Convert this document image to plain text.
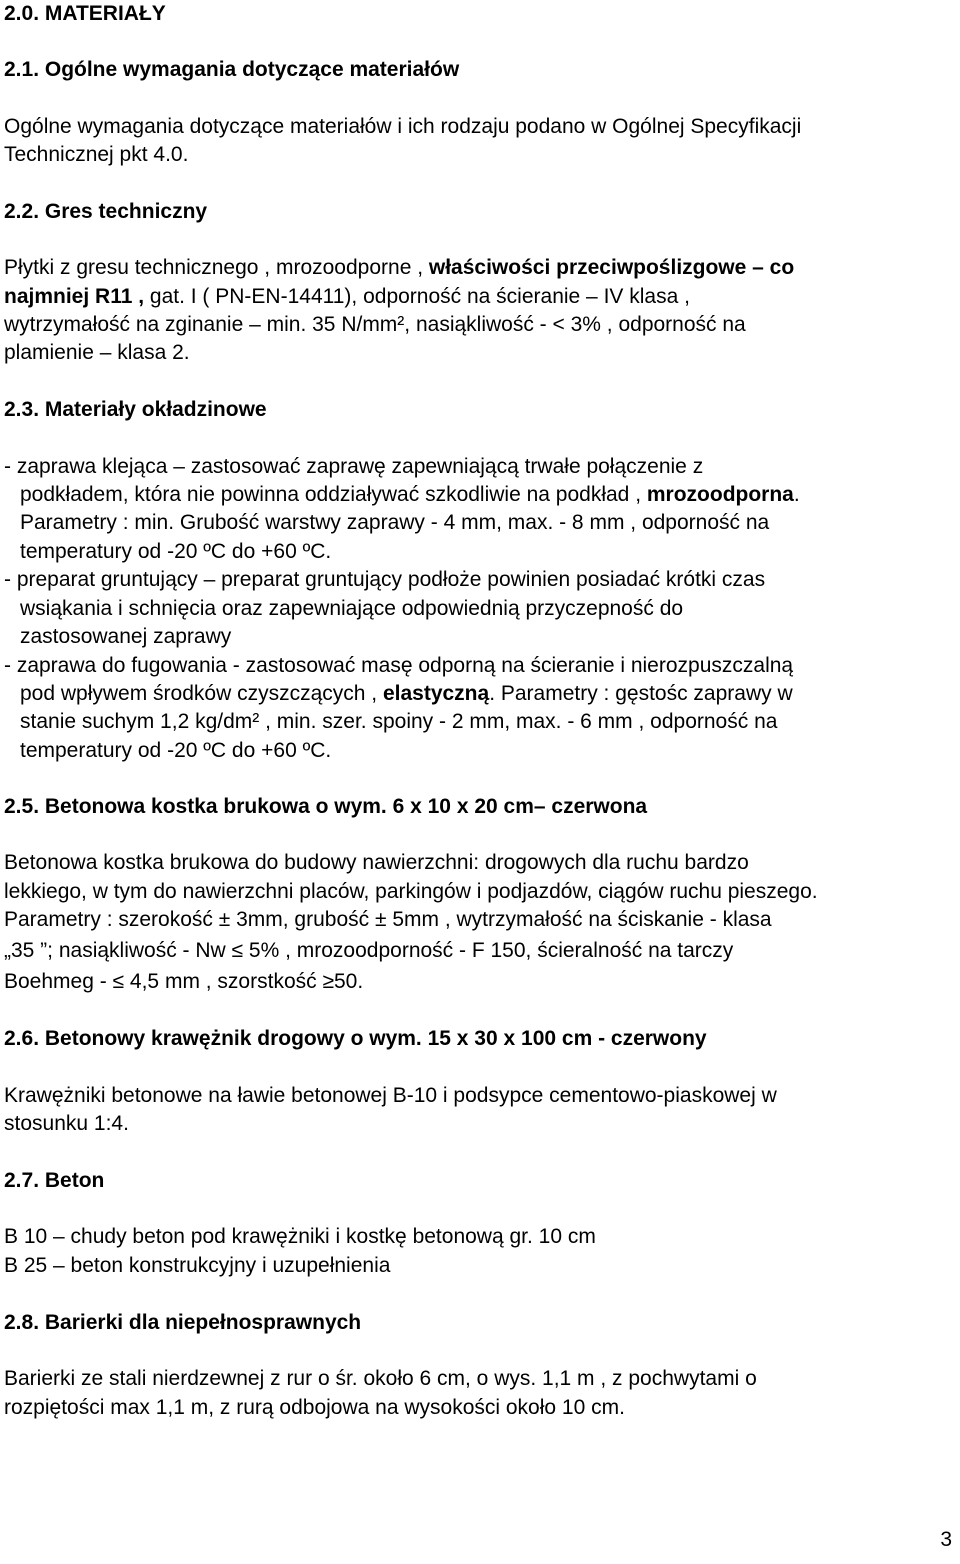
2.0. MATERIAŁY
2.1. Ogólne wymagania dotyczące materiałów
Ogólne wymagania dotyczące materiałów i ich rodzaju podano w Ogólnej Specyfikacji
Technicznej pkt 4.0.
2.2. Gres techniczny
Płytki z gresu technicznego , mrozoodporne , właściwości przeciwpoślizgowe – co
najmniej R11 , gat. I ( PN-EN-14411), odporność na ścieranie – IV klasa ,
wytrzymałość na zginanie – min. 35 N/mm², nasiąkliwość - < 3% , odporność na
plamienie – klasa 2.
2.3. Materiały okładzinowe
- zaprawa klejąca – zastosować zaprawę zapewniającą trwałe połączenie z
podkładem, która nie powinna oddziaływać szkodliwie na podkład , mrozoodporna.
Parametry : min. Grubość warstwy zaprawy - 4 mm, max. - 8 mm , odporność na
temperatury od -20 ºC do +60 ºC.
- preparat gruntujący – preparat gruntujący podłoże powinien posiadać krótki czas
wsiąkania i schnięcia oraz zapewniające odpowiednią przyczepność do
zastosowanej zaprawy
- zaprawa do fugowania - zastosować masę odporną na ścieranie i nierozpuszczalną
pod wpływem środków czyszczących , elastyczną. Parametry : gęstośc zaprawy w
stanie suchym 1,2 kg/dm² , min. szer. spoiny - 2 mm, max. - 6 mm , odporność na
temperatury od -20 ºC do +60 ºC.
2.5. Betonowa kostka brukowa o wym. 6 x 10 x 20 cm– czerwona
Betonowa kostka brukowa do budowy nawierzchni: drogowych dla ruchu bardzo
lekkiego, w tym do nawierzchni placów, parkingów i podjazdów, ciągów ruchu pieszego.
Parametry : szerokość ± 3mm, grubość ± 5mm , wytrzymałość na ściskanie - klasa
„35 ”; nasiąkliwość - Nw ≤ 5% , mrozoodporność - F 150, ścieralność na tarczy
Boehmeg - ≤ 4,5 mm , szorstkość ≥50.
2.6. Betonowy krawężnik drogowy o wym. 15 x 30 x 100 cm - czerwony
Krawężniki betonowe na ławie betonowej B-10 i podsypce cementowo-piaskowej w
stosunku 1:4.
2.7. Beton
B 10 – chudy beton pod krawężniki i kostkę betonową gr. 10 cm
B 25 – beton konstrukcyjny i uzupełnienia
2.8. Barierki dla niepełnosprawnych
Barierki ze stali nierdzewnej z rur o śr. około 6 cm, o wys. 1,1 m , z pochwytami o
rozpiętości max 1,1 m, z rurą odbojowa na wysokości około 10 cm.
3
